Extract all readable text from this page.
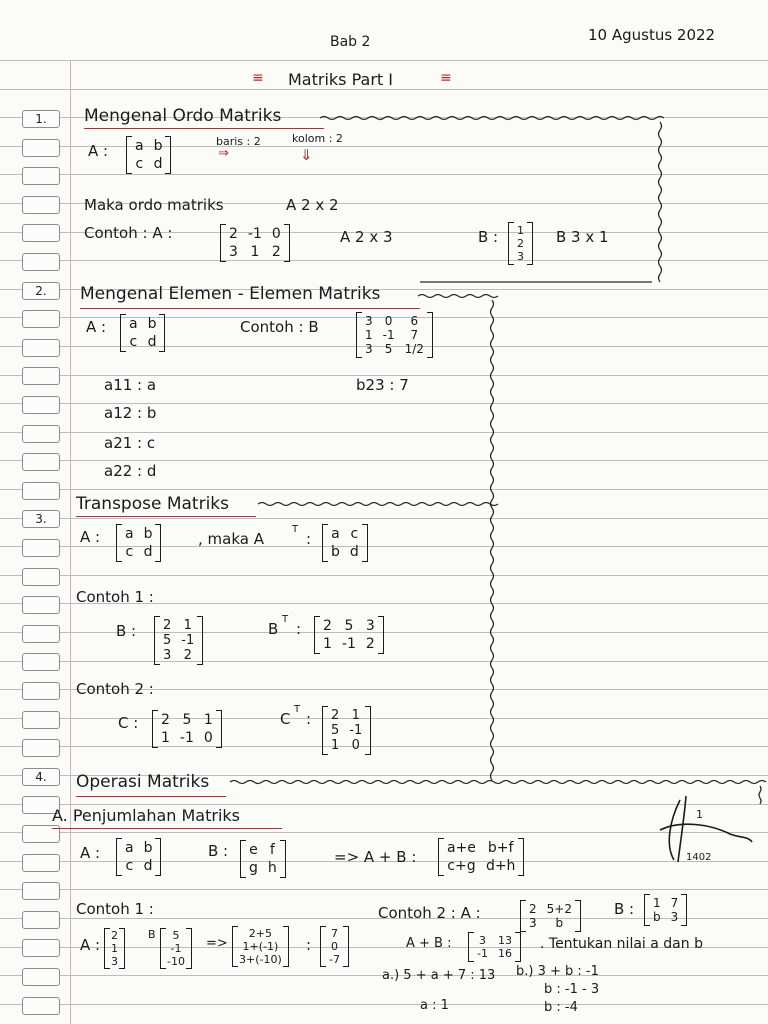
1.
2.
3.
4.
Bab 2	10 Agustus 2022
≡ Matriks Part I	≡
Mengenal Ordo Matriks
A : a b
c d
baris : 2	kolom : 2
⇒	⇓
Maka ordo matriks	A 2 x 2
Contoh : A :	2 -1 0
3 1 2
A 2 x 3	B : 1
2
3
B 3 x 1
Mengenal Elemen - Elemen Matriks
A : a b
c d
Contoh : B	3 0	6
1 -1	7
3 5 1/2
b23 : 7
a11 : a
a12 : b
a21 : c
a22 : d
Transpose Matriks
A : a b
c d
, maka A
T
: a c
b d
Contoh 1 :
B : 2 1
5 -1
3 2
B
T
: 2 5 3
1 -1 2
Contoh 2 :
C : 2 5 1
1 -1 0
C
T
: 2 1
5 -1
1 0
Operasi Matriks
A. Penjumlahan Matriks
A : a b
c d
B : e f
g h
=> A + B : a+e b+f
c+g d+h
Contoh 1 :
A :
2
1
3
B	5
-1
-10
=>
2+5
1+(-1)
3+(-10)
:
7
0
-7
Contoh 2 : A :	2 5+2
3	b
B : 1 7
b 3
A + B :	3 13
-1 16
. Tentukan nilai a dan b
a.) 5 + a + 7 : 13
a : 1
b.) 3 + b : -1
b : -1 - 3
b : -4
1
1402
